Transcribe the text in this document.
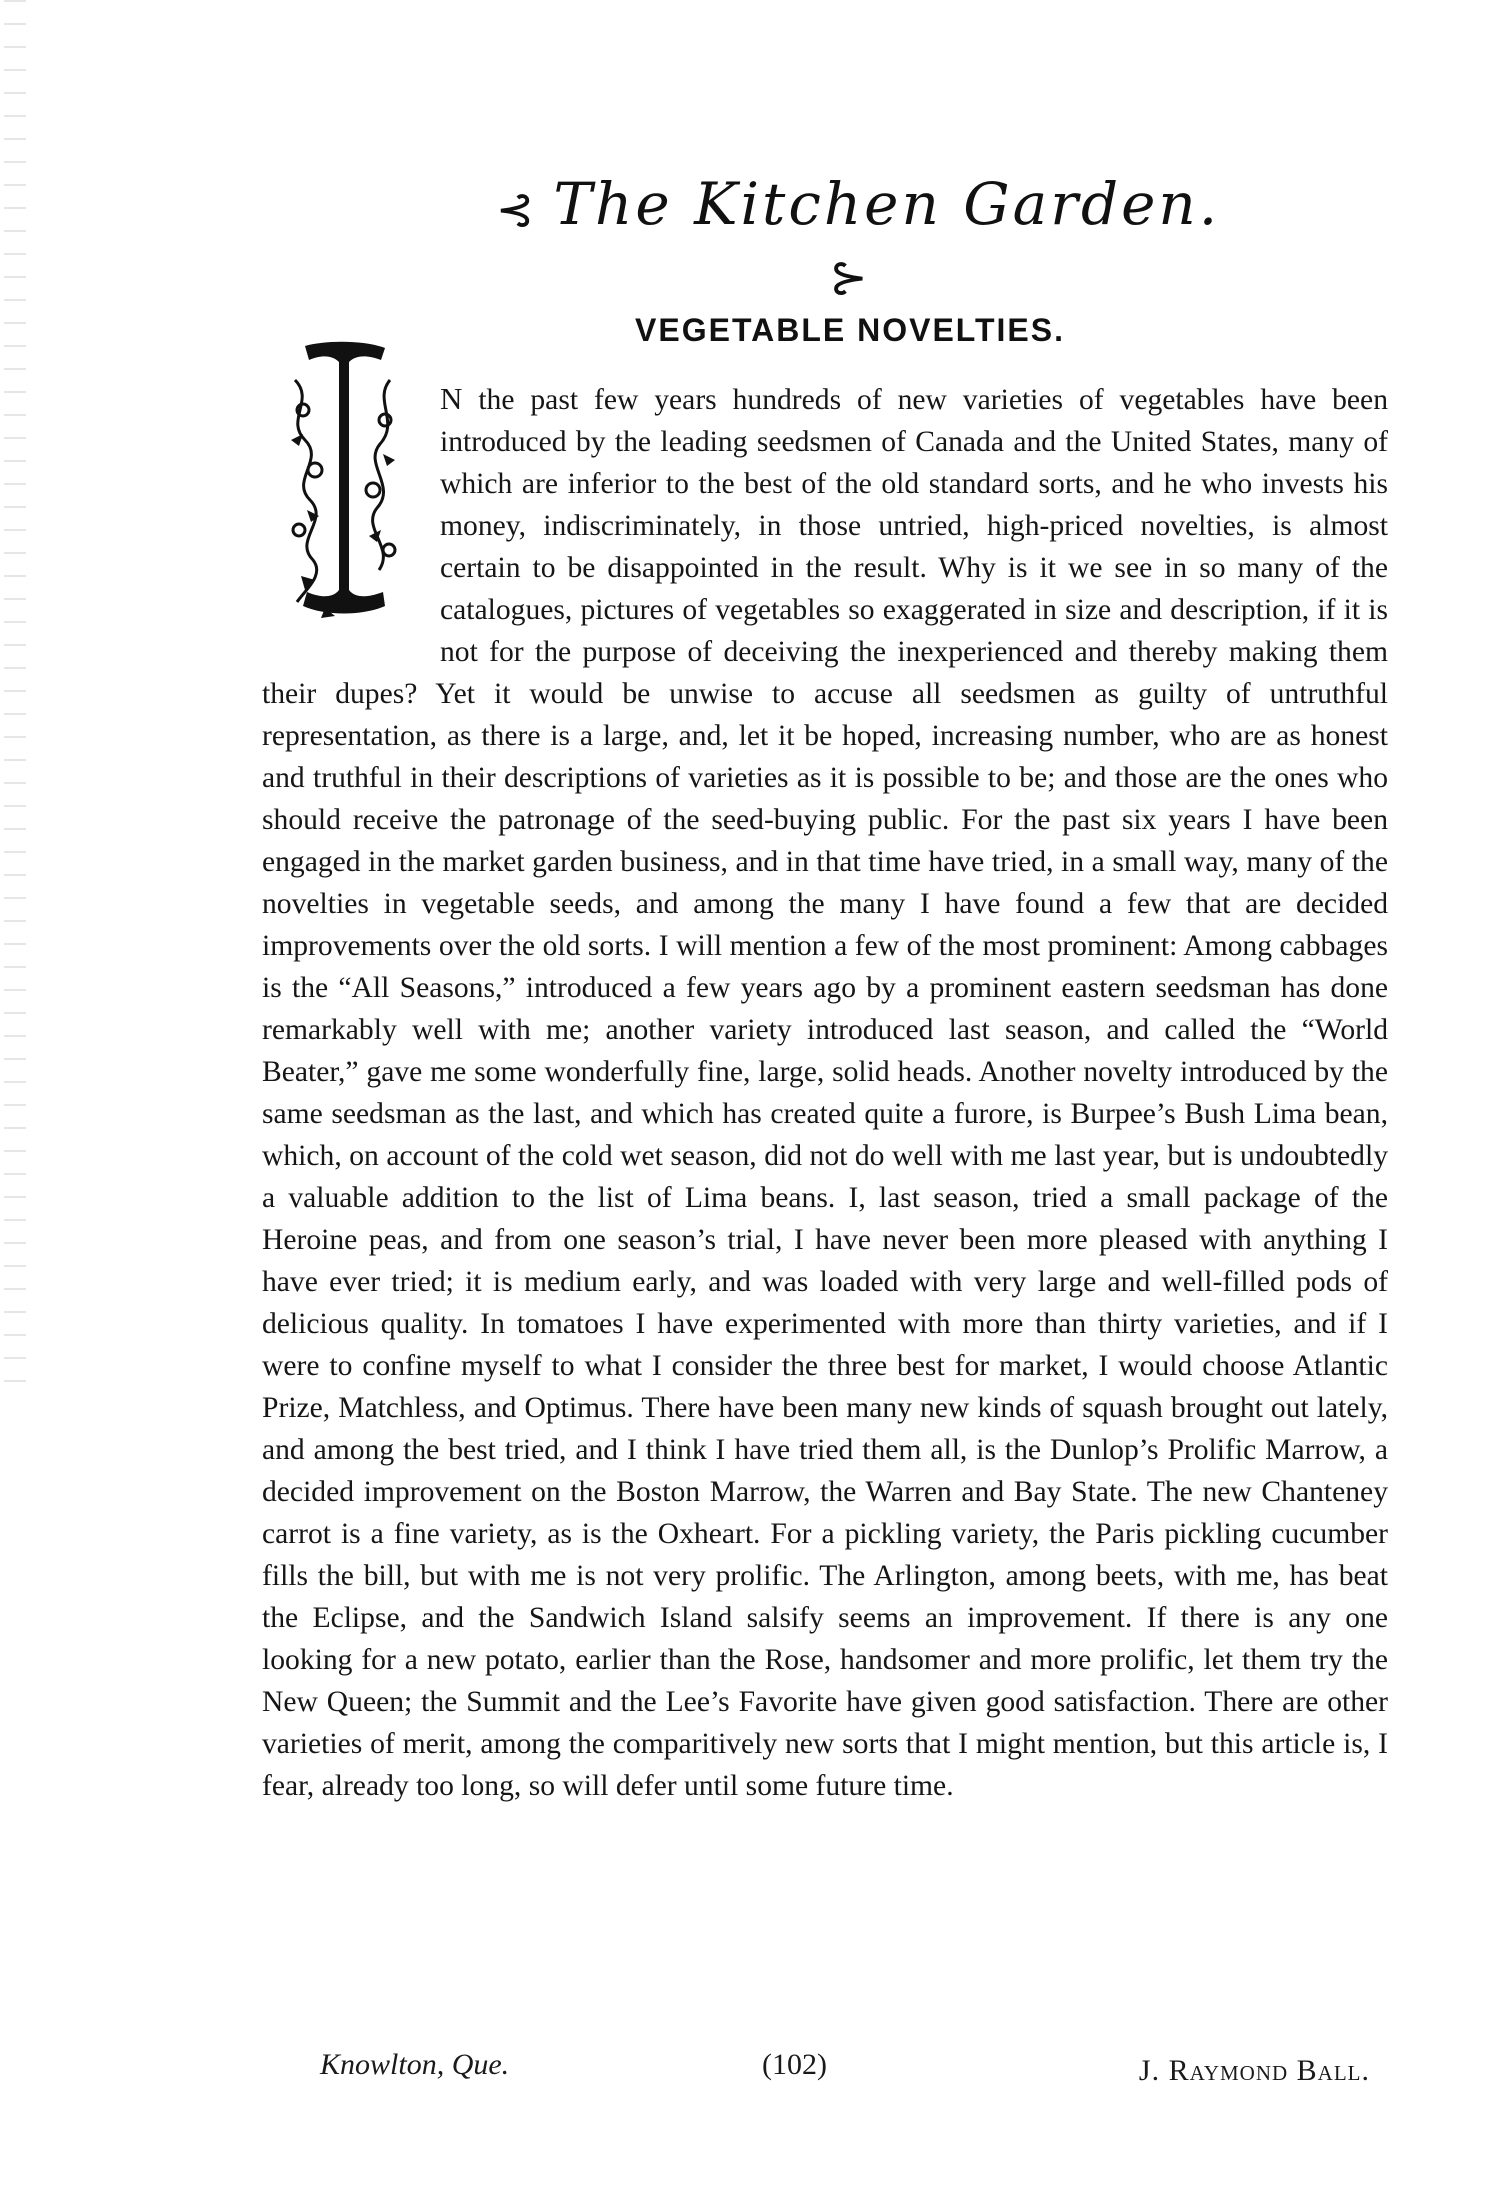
⊰ The Kitchen Garden.⊱
VEGETABLE NOVELTIES.

N the past few years hundreds of new varieties of vegetables have been introduced by the leading seedsmen of Canada and the United States, many of which are inferior to the best of the old standard sorts, and he who invests his money, indiscriminately, in those untried, high-priced novelties, is almost certain to be disappointed in the result. Why is it we see in so many of the catalogues, pictures of vegetables so exaggerated in size and description, if it is not for the purpose of deceiving the inexperienced and thereby making them their dupes? Yet it would be unwise to accuse all seedsmen as guilty of untruthful representation, as there is a large, and, let it be hoped, increasing number, who are as honest and truthful in their descriptions of varieties as it is possible to be; and those are the ones who should receive the patronage of the seed-buying public. For the past six years I have been engaged in the market garden business, and in that time have tried, in a small way, many of the novelties in vegetable seeds, and among the many I have found a few that are decided improvements over the old sorts. I will mention a few of the most prominent: Among cabbages is the “All Seasons,” introduced a few years ago by a prominent eastern seedsman has done remarkably well with me; another variety introduced last season, and called the “World Beater,” gave me some wonderfully fine, large, solid heads. Another novelty introduced by the same seedsman as the last, and which has created quite a furore, is Burpee’s Bush Lima bean, which, on account of the cold wet season, did not do well with me last year, but is undoubtedly a valuable addition to the list of Lima beans. I, last season, tried a small package of the Heroine peas, and from one season’s trial, I have never been more pleased with anything I have ever tried; it is medium early, and was loaded with very large and well-filled pods of delicious quality. In tomatoes I have experimented with more than thirty varieties, and if I were to confine myself to what I consider the three best for market, I would choose Atlantic Prize, Matchless, and Optimus. There have been many new kinds of squash brought out lately, and among the best tried, and I think I have tried them all, is the Dunlop’s Prolific Marrow, a decided improvement on the Boston Marrow, the Warren and Bay State. The new Chanteney carrot is a fine variety, as is the Oxheart. For a pickling variety, the Paris pickling cucumber fills the bill, but with me is not very prolific. The Arlington, among beets, with me, has beat the Eclipse, and the Sandwich Island salsify seems an improvement. If there is any one looking for a new potato, earlier than the Rose, handsomer and more prolific, let them try the New Queen; the Summit and the Lee’s Favorite have given good satisfaction. There are other varieties of merit, among the comparitively new sorts that I might mention, but this article is, I fear, already too long, so will defer until some future time.

Knowlton, Que.	(102)	J. Raymond Ball.
